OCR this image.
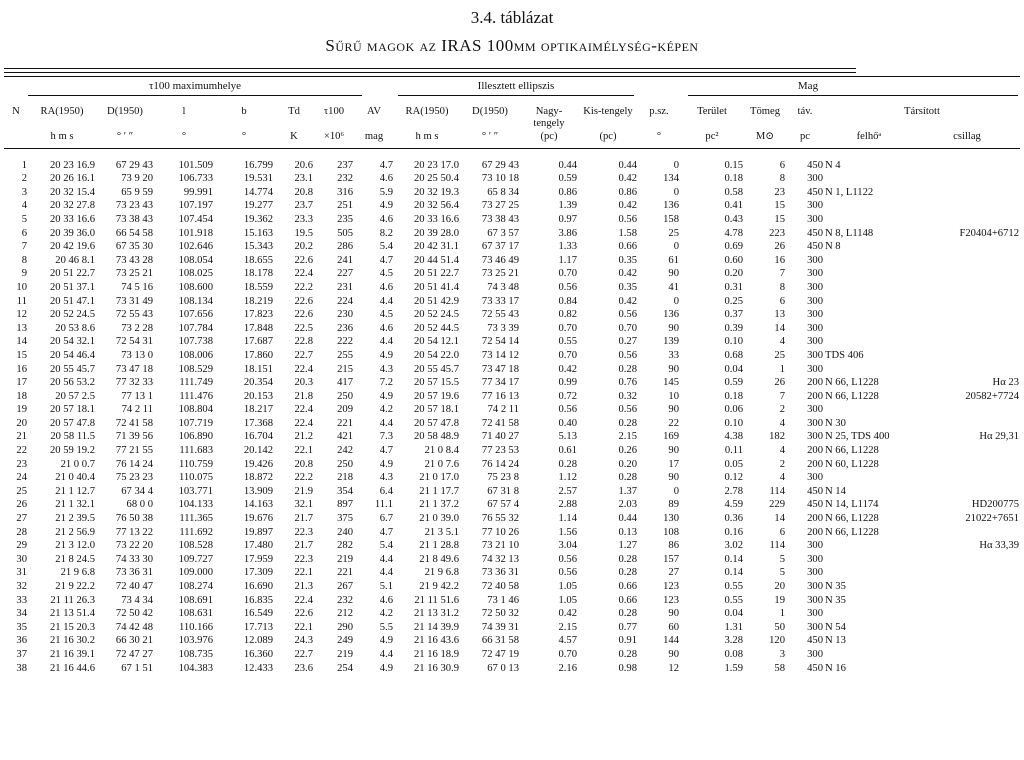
3.4. táblázat
Sűrű magok az IRAS 100μm optikaimélység-képen
τ100 maximumhelye	Illesztett ellipszis	Mag
N	RA(1950)	D(1950)	l	b	Td	τ100	AV	RA(1950)	D(1950)	Nagy-tengely	Kis-tengely	p.sz.	Terület	Tömeg	táv.	Társított	
	h m s	° ′ ″	°	°	K	×10⁶	mag	h m s	° ′ ″	(pc)	(pc)	°	pc²	M⊙	pc	felhőᵃ	csillag
1	20 23 16.9	67 29 43	101.509	16.799	20.6	237	4.7	20 23 17.0	67 29 43	0.44	0.44	0	0.15	6	450	N 4	
2	20 26 16.1	73 9 20	106.733	19.531	23.1	232	4.6	20 25 50.4	73 10 18	0.59	0.42	134	0.18	8	300		
3	20 32 15.4	65 9 59	99.991	14.774	20.8	316	5.9	20 32 19.3	65 8 34	0.86	0.86	0	0.58	23	450	N 1, L1122	
4	20 32 27.8	73 23 43	107.197	19.277	23.7	251	4.9	20 32 56.4	73 27 25	1.39	0.42	136	0.41	15	300		
5	20 33 16.6	73 38 43	107.454	19.362	23.3	235	4.6	20 33 16.6	73 38 43	0.97	0.56	158	0.43	15	300		
6	20 39 36.0	66 54 58	101.918	15.163	19.5	505	8.2	20 39 28.0	67 3 57	3.86	1.58	25	4.78	223	450	N 8, L1148	F20404+6712
7	20 42 19.6	67 35 30	102.646	15.343	20.2	286	5.4	20 42 31.1	67 37 17	1.33	0.66	0	0.69	26	450	N 8	
8	20 46 8.1	73 43 28	108.054	18.655	22.6	241	4.7	20 44 51.4	73 46 49	1.17	0.35	61	0.60	16	300		
9	20 51 22.7	73 25 21	108.025	18.178	22.4	227	4.5	20 51 22.7	73 25 21	0.70	0.42	90	0.20	7	300		
10	20 51 37.1	74 5 16	108.600	18.559	22.2	231	4.6	20 51 41.4	74 3 48	0.56	0.35	41	0.31	8	300		
11	20 51 47.1	73 31 49	108.134	18.219	22.6	224	4.4	20 51 42.9	73 33 17	0.84	0.42	0	0.25	6	300		
12	20 52 24.5	72 55 43	107.656	17.823	22.6	230	4.5	20 52 24.5	72 55 43	0.82	0.56	136	0.37	13	300		
13	20 53 8.6	73 2 28	107.784	17.848	22.5	236	4.6	20 52 44.5	73 3 39	0.70	0.70	90	0.39	14	300		
14	20 54 32.1	72 54 31	107.738	17.687	22.8	222	4.4	20 54 12.1	72 54 14	0.55	0.27	139	0.10	4	300		
15	20 54 46.4	73 13 0	108.006	17.860	22.7	255	4.9	20 54 22.0	73 14 12	0.70	0.56	33	0.68	25	300	TDS 406	
16	20 55 45.7	73 47 18	108.529	18.151	22.4	215	4.3	20 55 45.7	73 47 18	0.42	0.28	90	0.04	1	300		
17	20 56 53.2	77 32 33	111.749	20.354	20.3	417	7.2	20 57 15.5	77 34 17	0.99	0.76	145	0.59	26	200	N 66, L1228	Hα 23
18	20 57 2.5	77 13 1	111.476	20.153	21.8	250	4.9	20 57 19.6	77 16 13	0.72	0.32	10	0.18	7	200	N 66, L1228	20582+7724
19	20 57 18.1	74 2 11	108.804	18.217	22.4	209	4.2	20 57 18.1	74 2 11	0.56	0.56	90	0.06	2	300		
20	20 57 47.8	72 41 58	107.719	17.368	22.4	221	4.4	20 57 47.8	72 41 58	0.40	0.28	22	0.10	4	300	N 30	
21	20 58 11.5	71 39 56	106.890	16.704	21.2	421	7.3	20 58 48.9	71 40 27	5.13	2.15	169	4.38	182	300	N 25, TDS 400	Hα 29,31
22	20 59 19.2	77 21 55	111.683	20.142	22.1	242	4.7	21 0 8.4	77 23 53	0.61	0.26	90	0.11	4	200	N 66, L1228	
23	21 0 0.7	76 14 24	110.759	19.426	20.8	250	4.9	21 0 7.6	76 14 24	0.28	0.20	17	0.05	2	200	N 60, L1228	
24	21 0 40.4	75 23 23	110.075	18.872	22.2	218	4.3	21 0 17.0	75 23 8	1.12	0.28	90	0.12	4	300		
25	21 1 12.7	67 34 4	103.771	13.909	21.9	354	6.4	21 1 17.7	67 31 8	2.57	1.37	0	2.78	114	450	N 14	
26	21 1 32.1	68 0 0	104.133	14.163	32.1	897	11.1	21 1 37.2	67 57 4	2.88	2.03	89	4.59	229	450	N 14, L1174	HD200775
27	21 2 39.5	76 50 38	111.365	19.676	21.7	375	6.7	21 0 39.0	76 55 32	1.14	0.44	130	0.36	14	200	N 66, L1228	21022+7651
28	21 2 56.9	77 13 22	111.692	19.897	22.3	240	4.7	21 3 5.1	77 10 26	1.56	0.13	108	0.16	6	200	N 66, L1228	
29	21 3 12.0	73 22 20	108.528	17.480	21.7	282	5.4	21 1 28.8	73 21 10	3.04	1.27	86	3.02	114	300		Hα 33,39
30	21 8 24.5	74 33 30	109.727	17.959	22.3	219	4.4	21 8 49.6	74 32 13	0.56	0.28	157	0.14	5	300		
31	21 9 6.8	73 36 31	109.000	17.309	22.1	221	4.4	21 9 6.8	73 36 31	0.56	0.28	27	0.14	5	300		
32	21 9 22.2	72 40 47	108.274	16.690	21.3	267	5.1	21 9 42.2	72 40 58	1.05	0.66	123	0.55	20	300	N 35	
33	21 11 26.3	73 4 34	108.691	16.835	22.4	232	4.6	21 11 51.6	73 1 46	1.05	0.66	123	0.55	19	300	N 35	
34	21 13 51.4	72 50 42	108.631	16.549	22.6	212	4.2	21 13 31.2	72 50 32	0.42	0.28	90	0.04	1	300		
35	21 15 20.3	74 42 48	110.166	17.713	22.1	290	5.5	21 14 39.9	74 39 31	2.15	0.77	60	1.31	50	300	N 54	
36	21 16 30.2	66 30 21	103.976	12.089	24.3	249	4.9	21 16 43.6	66 31 58	4.57	0.91	144	3.28	120	450	N 13	
37	21 16 39.1	72 47 27	108.735	16.360	22.7	219	4.4	21 16 18.9	72 47 19	0.70	0.28	90	0.08	3	300		
38	21 16 44.6	67 1 51	104.383	12.433	23.6	254	4.9	21 16 30.9	67 0 13	2.16	0.98	12	1.59	58	450	N 16	
